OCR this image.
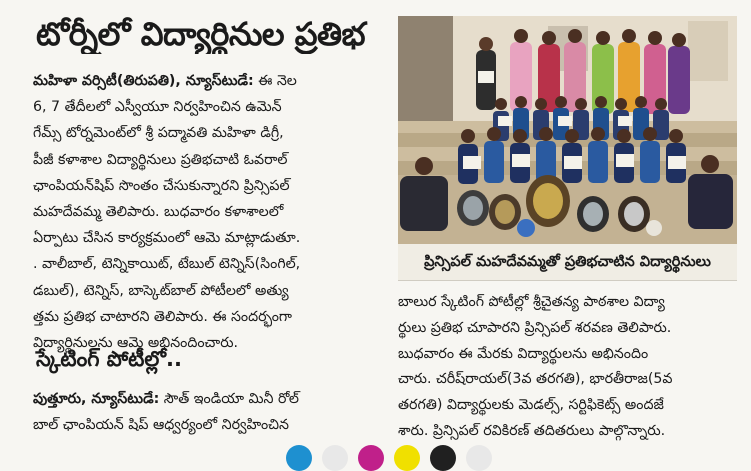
టోర్నీలో విద్యార్థినుల ప్రతిభ
మహిళా వర్సిటీ(తిరుపతి), న్యూస్‌టుడే: ఈ నెల
6, 7 తేదీలలో ఎస్వీయూ నిర్వహించిన ఉమెన్
గేమ్స్ టోర్నమెంట్‌లో శ్రీ పద్మావతి మహిళా డిగ్రీ,
పీజీ కళాశాల విద్యార్థినులు ప్రతిభచాటి ఓవరాల్
ఛాంపియన్‌షిప్ సొంతం చేసుకున్నారని ప్రిన్సిపల్
మహదేవమ్మ తెలిపారు. బుధవారం కళాశాలలో
ఏర్పాటు చేసిన కార్యక్రమంలో ఆమె మాట్లాడుతూ.
. వాలీబాల్, టెన్నికాయిట్, టేబుల్ టెన్నిస్(సింగిల్,
డబుల్), టెన్నిస్, బాస్కెట్‌బాల్ పోటీలలో అత్యు
త్తమ ప్రతిభ చాటారని తెలిపారు. ఈ సందర్భంగా
విద్యార్థినులను ఆమె అభినందించారు.
స్కేటింగ్ పోటీల్లో..
పుత్తూరు, న్యూస్‌టుడే: సౌత్ ఇండియా మినీ రోల్
బాల్ ఛాంపియన్ షిప్ ఆధ్వర్యంలో నిర్వహించిన
ప్రిన్సిపల్ మహదేవమ్మతో ప్రతిభచాటిన విద్యార్థినులు
బాలుర స్కేటింగ్ పోటీల్లో శ్రీచైతన్య పాఠశాల విద్యా
ర్థులు ప్రతిభ చూపారని ప్రిన్సిపల్ శరవణ తెలిపారు.
బుధవారం ఈ మేరకు విద్యార్థులను అభినందిం
చారు. చరీష్‌రాయల్(3వ తరగతి), భారతీరాజ(5వ
తరగతి) విద్యార్థులకు మెడల్స్, సర్టిఫికెట్స్ అందజే
శారు. ప్రిన్సిపల్ రవికిరణ్ తదితరులు పాల్గొన్నారు.
